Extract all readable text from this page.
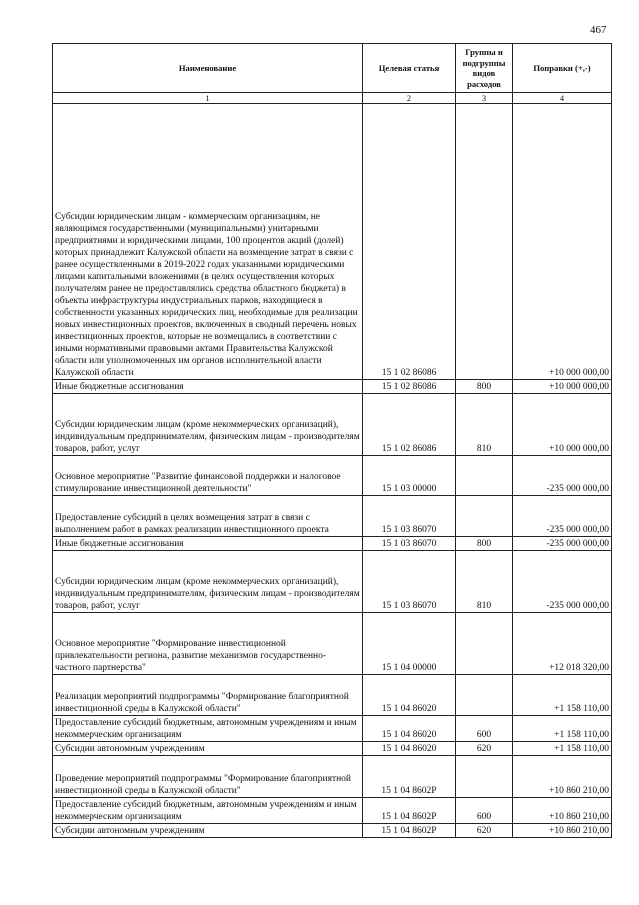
467
Наименование	Целевая статья	Группы и подгруппы видов расходов	Поправки (+,-)
1	2	3	4
Субсидии юридическим лицам - коммерческим организациям, не являющимся государственными (муниципальными) унитарными предприятиями и юридическими лицами, 100 процентов акций (долей) которых принадлежит Калужской области на возмещение затрат в связи с ранее осуществленными в 2019-2022 годах указанными юридическими лицами капитальными вложениями (в целях осуществления которых получателям ранее не предоставлялись средства областного бюджета) в объекты инфраструктуры индустриальных парков, находящиеся в собственности указанных юридических лиц, необходимые для реализации новых инвестиционных проектов, включенных в сводный перечень новых инвестиционных проектов, которые не возмещались в соответствии с иными нормативными правовыми актами Правительства Калужской области или уполномоченных им органов исполнительной власти Калужской области	15 1 02 86086		+10 000 000,00
Иные бюджетные ассигнования	15 1 02 86086	800	+10 000 000,00
Субсидии юридическим лицам (кроме некоммерческих организаций), индивидуальным предпринимателям, физическим лицам - производителям товаров, работ, услуг	15 1 02 86086	810	+10 000 000,00
Основное мероприятие "Развитие финансовой поддержки и налоговое стимулирование инвестиционной деятельности"	15 1 03 00000		-235 000 000,00
Предоставление субсидий в целях возмещения затрат в связи с выполнением работ в рамках реализации инвестиционного проекта	15 1 03 86070		-235 000 000,00
Иные бюджетные ассигнования	15 1 03 86070	800	-235 000 000,00
Субсидии юридическим лицам (кроме некоммерческих организаций), индивидуальным предпринимателям, физическим лицам - производителям товаров, работ, услуг	15 1 03 86070	810	-235 000 000,00
Основное мероприятие "Формирование инвестиционной привлекательности региона, развитие механизмов государственно-частного партнерства"	15 1 04 00000		+12 018 320,00
Реализация мероприятий подпрограммы "Формирование благоприятной инвестиционной среды в Калужской области"	15 1 04 86020		+1 158 110,00
Предоставление субсидий бюджетным, автономным учреждениям и иным некоммерческим организациям	15 1 04 86020	600	+1 158 110,00
Субсидии автономным учреждениям	15 1 04 86020	620	+1 158 110,00
Проведение мероприятий подпрограммы "Формирование благоприятной инвестиционной среды в Калужской области"	15 1 04 8602Р		+10 860 210,00
Предоставление субсидий бюджетным, автономным учреждениям и иным некоммерческим организациям	15 1 04 8602Р	600	+10 860 210,00
Субсидии автономным учреждениям	15 1 04 8602Р	620	+10 860 210,00
